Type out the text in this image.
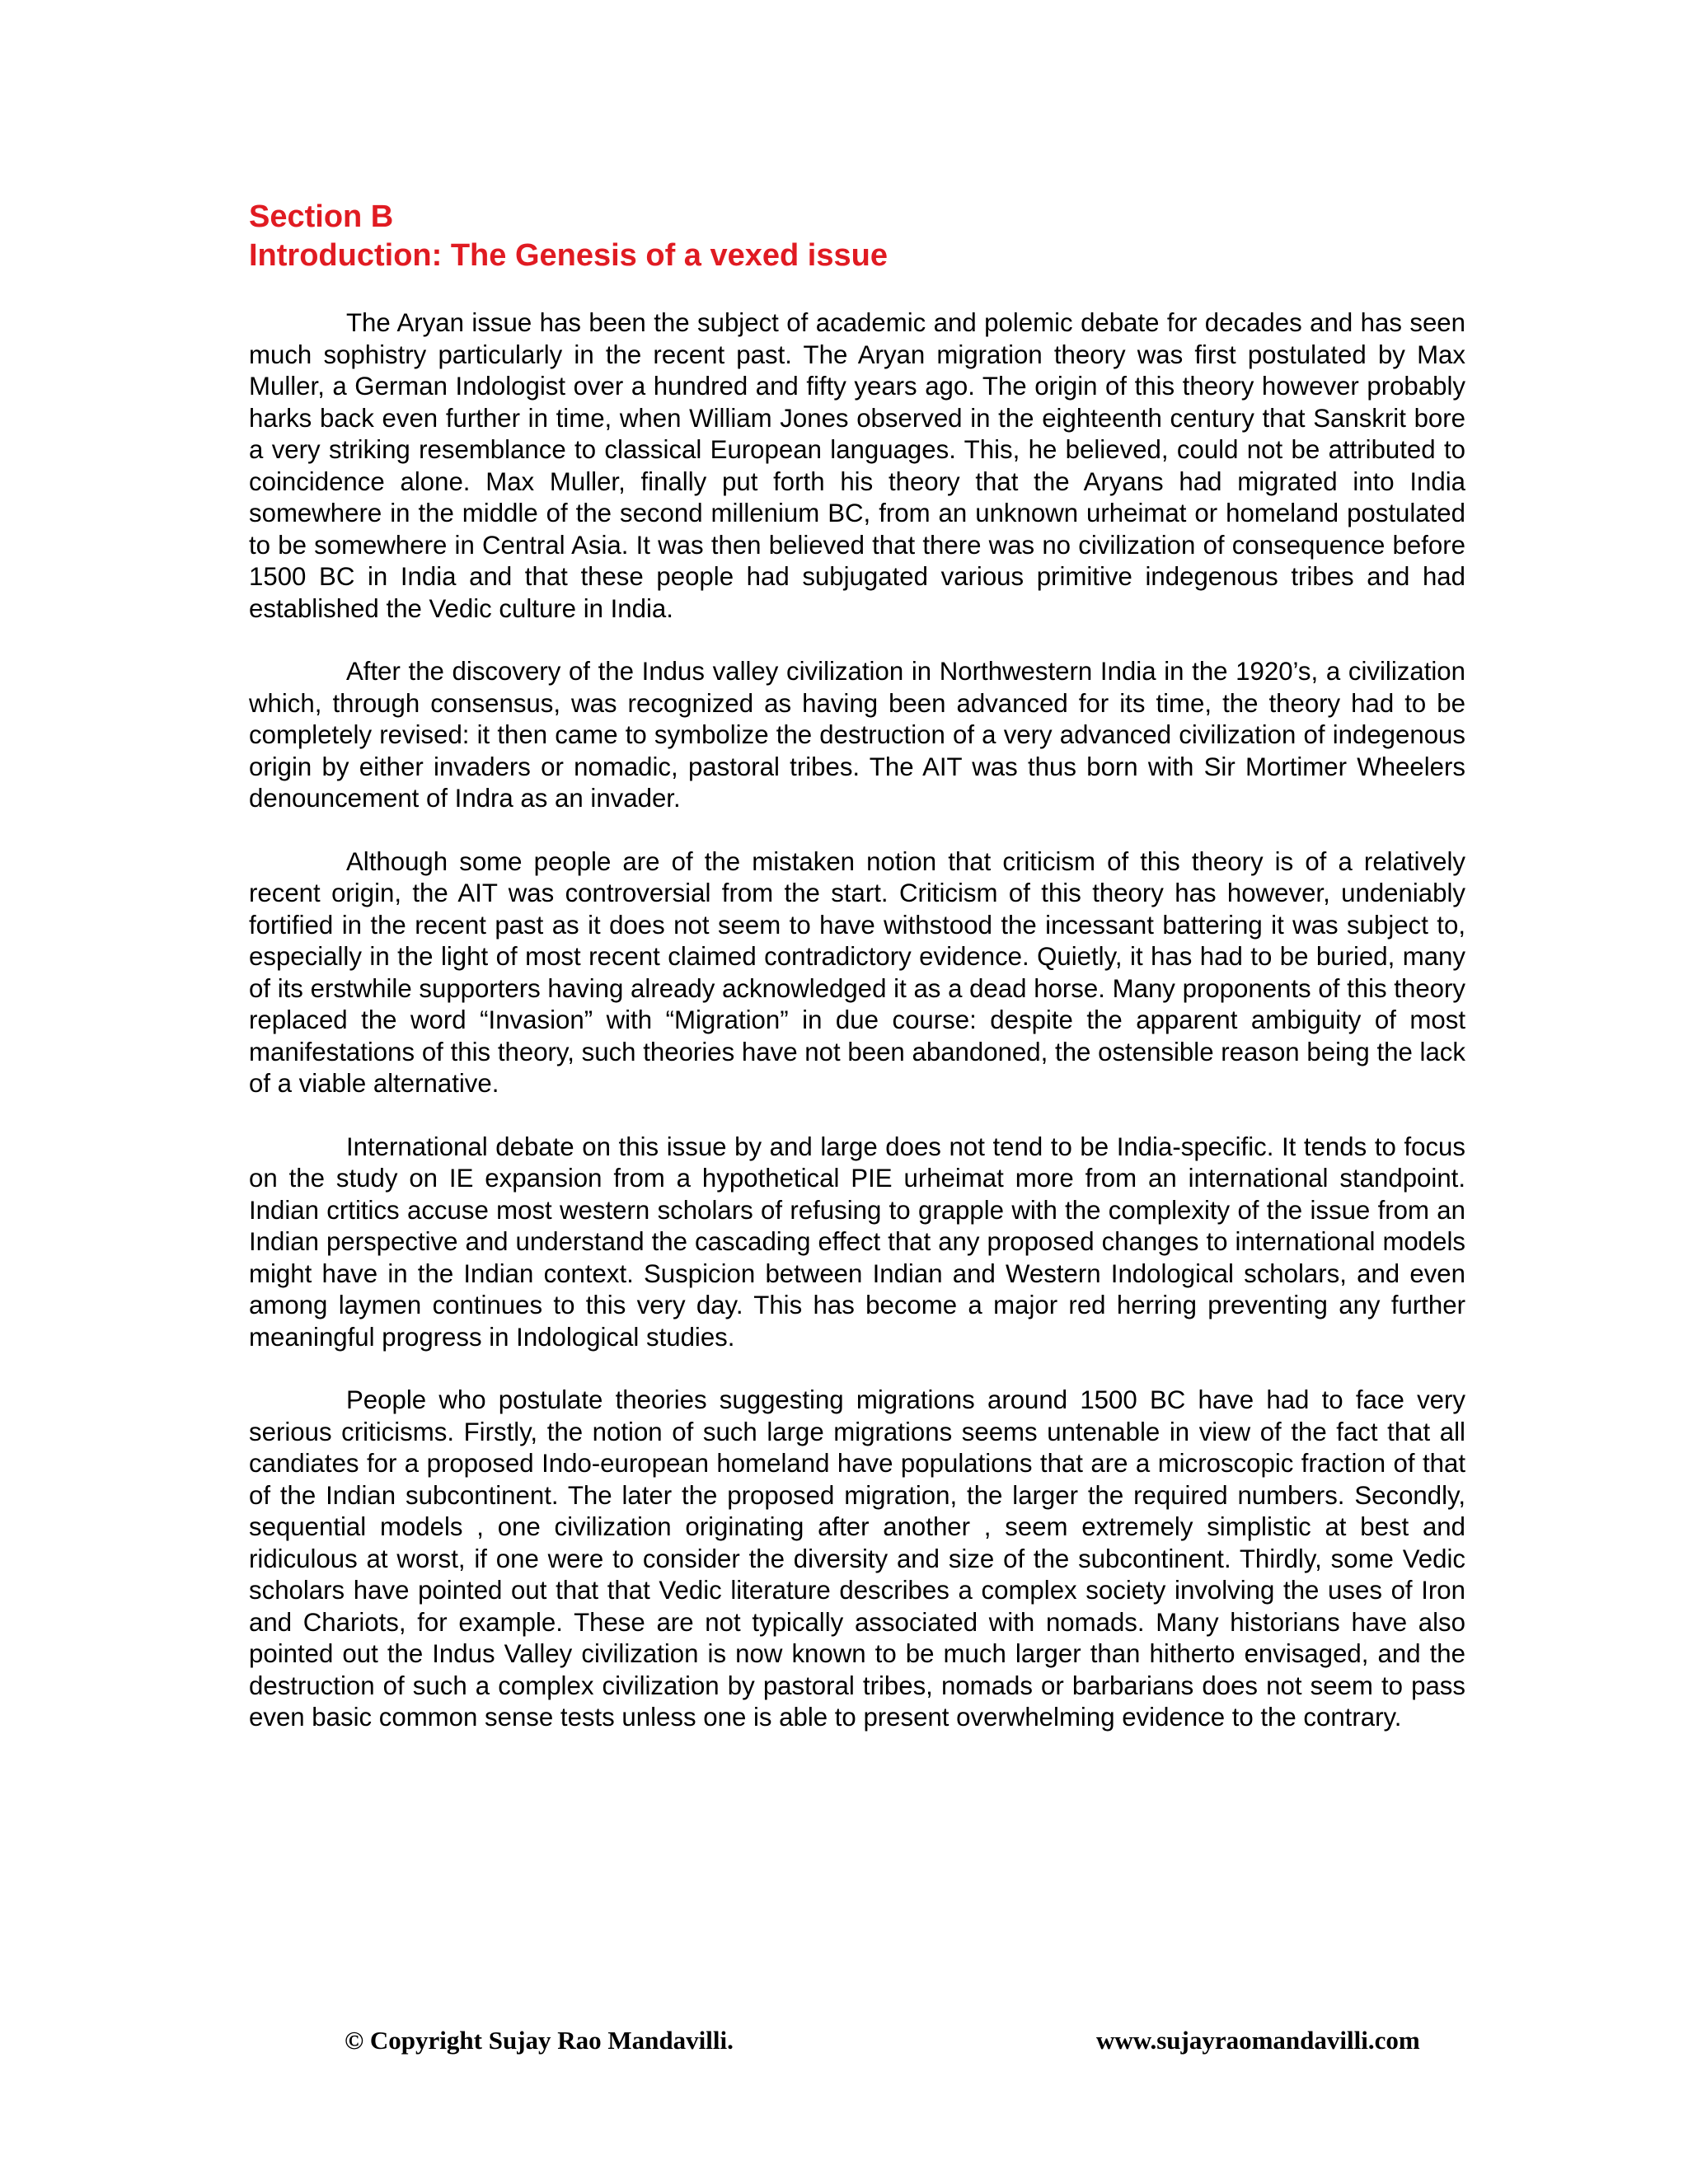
Section B
Introduction: The Genesis of a vexed issue

The Aryan issue has been the subject of academic and polemic debate for decades and has seen much sophistry particularly in the recent past. The Aryan migration theory was first postulated by Max Muller, a German Indologist over a hundred and fifty years ago. The origin of this theory however probably harks back even further in time, when William Jones observed in the eighteenth century that Sanskrit bore a very striking resemblance to classical European languages. This, he believed, could not be attributed to coincidence alone. Max Muller, finally put forth his theory that the Aryans had migrated into India somewhere in the middle of the second millenium BC, from an unknown urheimat or homeland postulated to be somewhere in Central Asia. It was then believed that there was no civilization of consequence before 1500 BC in India and that these people had subjugated various primitive indegenous tribes and had established the Vedic culture in India.

After the discovery of the Indus valley civilization in Northwestern India in the 1920’s, a civilization which, through consensus, was recognized as having been advanced for its time, the theory had to be completely revised: it then came to symbolize the destruction of a very advanced civilization of indegenous origin by either invaders or nomadic, pastoral tribes. The AIT was thus born with Sir Mortimer Wheelers denouncement of Indra as an invader.

Although some people are of the mistaken notion that criticism of this theory is of a relatively recent origin, the AIT was controversial from the start. Criticism of this theory has however, undeniably fortified in the recent past as it does not seem to have withstood the incessant battering it was subject to, especially in the light of most recent claimed contradictory evidence. Quietly, it has had to be buried, many of its erstwhile supporters having already acknowledged it as a dead horse. Many proponents of this theory replaced the word “Invasion” with “Migration” in due course: despite the apparent ambiguity of most manifestations of this theory, such theories have not been abandoned, the ostensible reason being the lack of a viable alternative.

International debate on this issue by and large does not tend to be India-specific. It tends to focus on the study on IE expansion from a hypothetical PIE urheimat more from an international standpoint. Indian crtitics accuse most western scholars of refusing to grapple with the complexity of the issue from an Indian perspective and understand the cascading effect that any proposed changes to international models might have in the Indian context. Suspicion between Indian and Western Indological scholars, and even among laymen continues to this very day. This has become a major red herring preventing any further meaningful progress in Indological studies.

People who postulate theories suggesting migrations around 1500 BC have had to face very serious criticisms. Firstly, the notion of such large migrations seems untenable in view of the fact that all candiates for a proposed Indo-european homeland have populations that are a microscopic fraction of that of the Indian subcontinent. The later the proposed migration, the larger the required numbers. Secondly, sequential models , one civilization originating after another , seem extremely simplistic at best and ridiculous at worst, if one were to consider the diversity and size of the subcontinent. Thirdly, some Vedic scholars have pointed out that that Vedic literature describes a complex society involving the uses of Iron and Chariots, for example. These are not typically associated with nomads. Many historians have also pointed out the Indus Valley civilization is now known to be much larger than hitherto envisaged, and the destruction of such a complex civilization by pastoral tribes, nomads or barbarians does not seem to pass even basic common sense tests unless one is able to present overwhelming evidence to the contrary.

© Copyright Sujay Rao Mandavilli.	www.sujayraomandavilli.com
